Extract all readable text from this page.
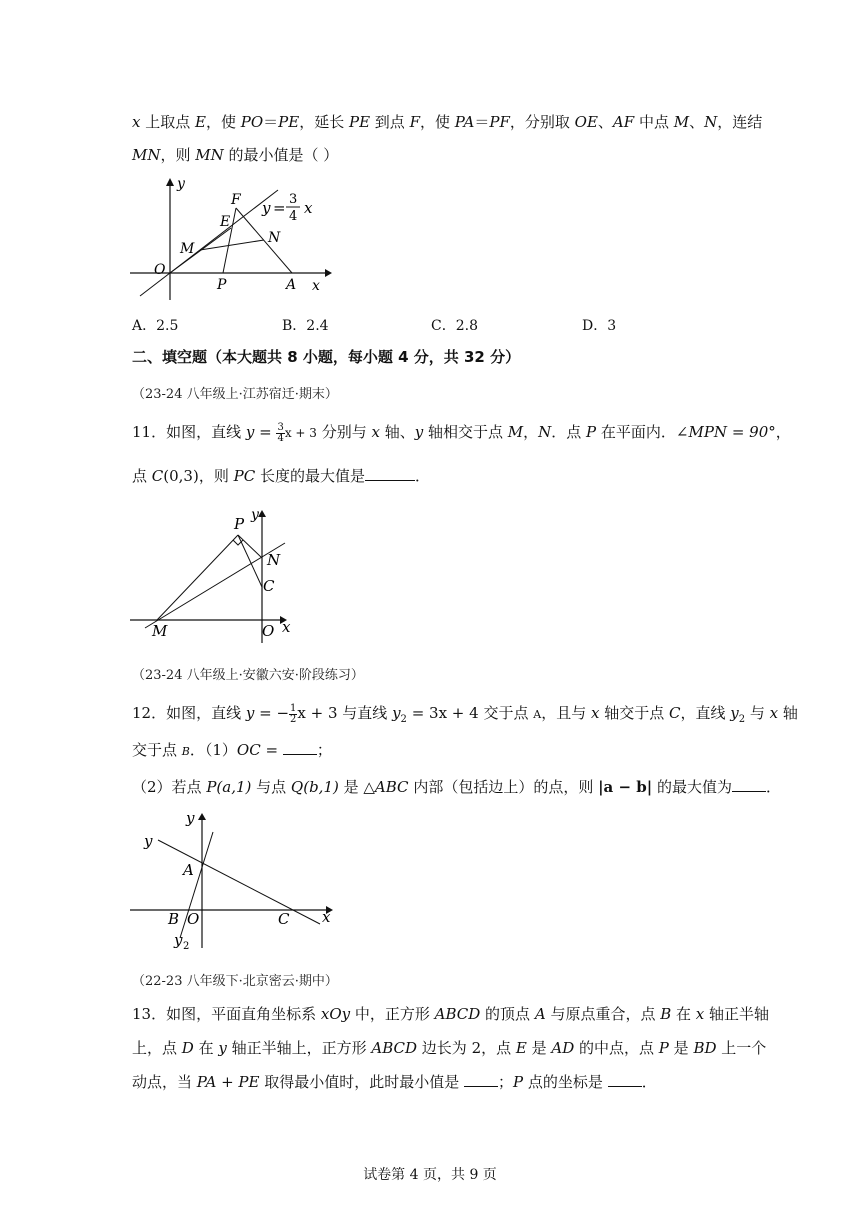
x 上取点 E，使 PO＝PE，延长 PE 到点 F，使 PA＝PF，分别取 OE、AF 中点 M、N，连结
MN，则 MN 的最小值是（ ）
y
x
O
P	A
E
F
M
N
y = 3
4 x
A．2.5	B．2.4	C．2.8	D．3
二、填空题（本大题共 8 小题，每小题 4 分，共 32 分）
（23-24 八年级上·江苏宿迁·期末）
11．如图，直线 $y = \frac{3}{4}$ x + 3 分别与 x 轴、y 轴相交于点 M，N．点 P 在平面内．∠MPN = 90°，
点 C(0,3)，则 PC 长度的最大值是	．
P y
N
C
M	O x
（23-24 八年级上·安徽六安·阶段练习）
12．如图，直线 y = − $\frac{1}{2}$ x + 3 与直线 $y_2 = 3x + 4$ 交于点 A，且与 x 轴交于点 C，直线 $y_2$ 与 x 轴
交于点 B．（1）OC = ；
（2）若点 P(a,1) 与点 Q(b,1) 是 △ABC 内部（包括边上）的点，则 |a − b| 的最大值为 ．
y
y
A
B O	C x
y 2
（22-23 八年级下·北京密云·期中）
13．如图，平面直角坐标系 xOy 中，正方形 ABCD 的顶点 A 与原点重合，点 B 在 x 轴正半轴
上，点 D 在 y 轴正半轴上，正方形 ABCD 边长为 2，点 E 是 AD 的中点，点 P 是 BD 上一个
动点，当 PA + PE 取得最小值时，此时最小值是 ；P 点的坐标是 ．
试卷第 4 页，共 9 页
